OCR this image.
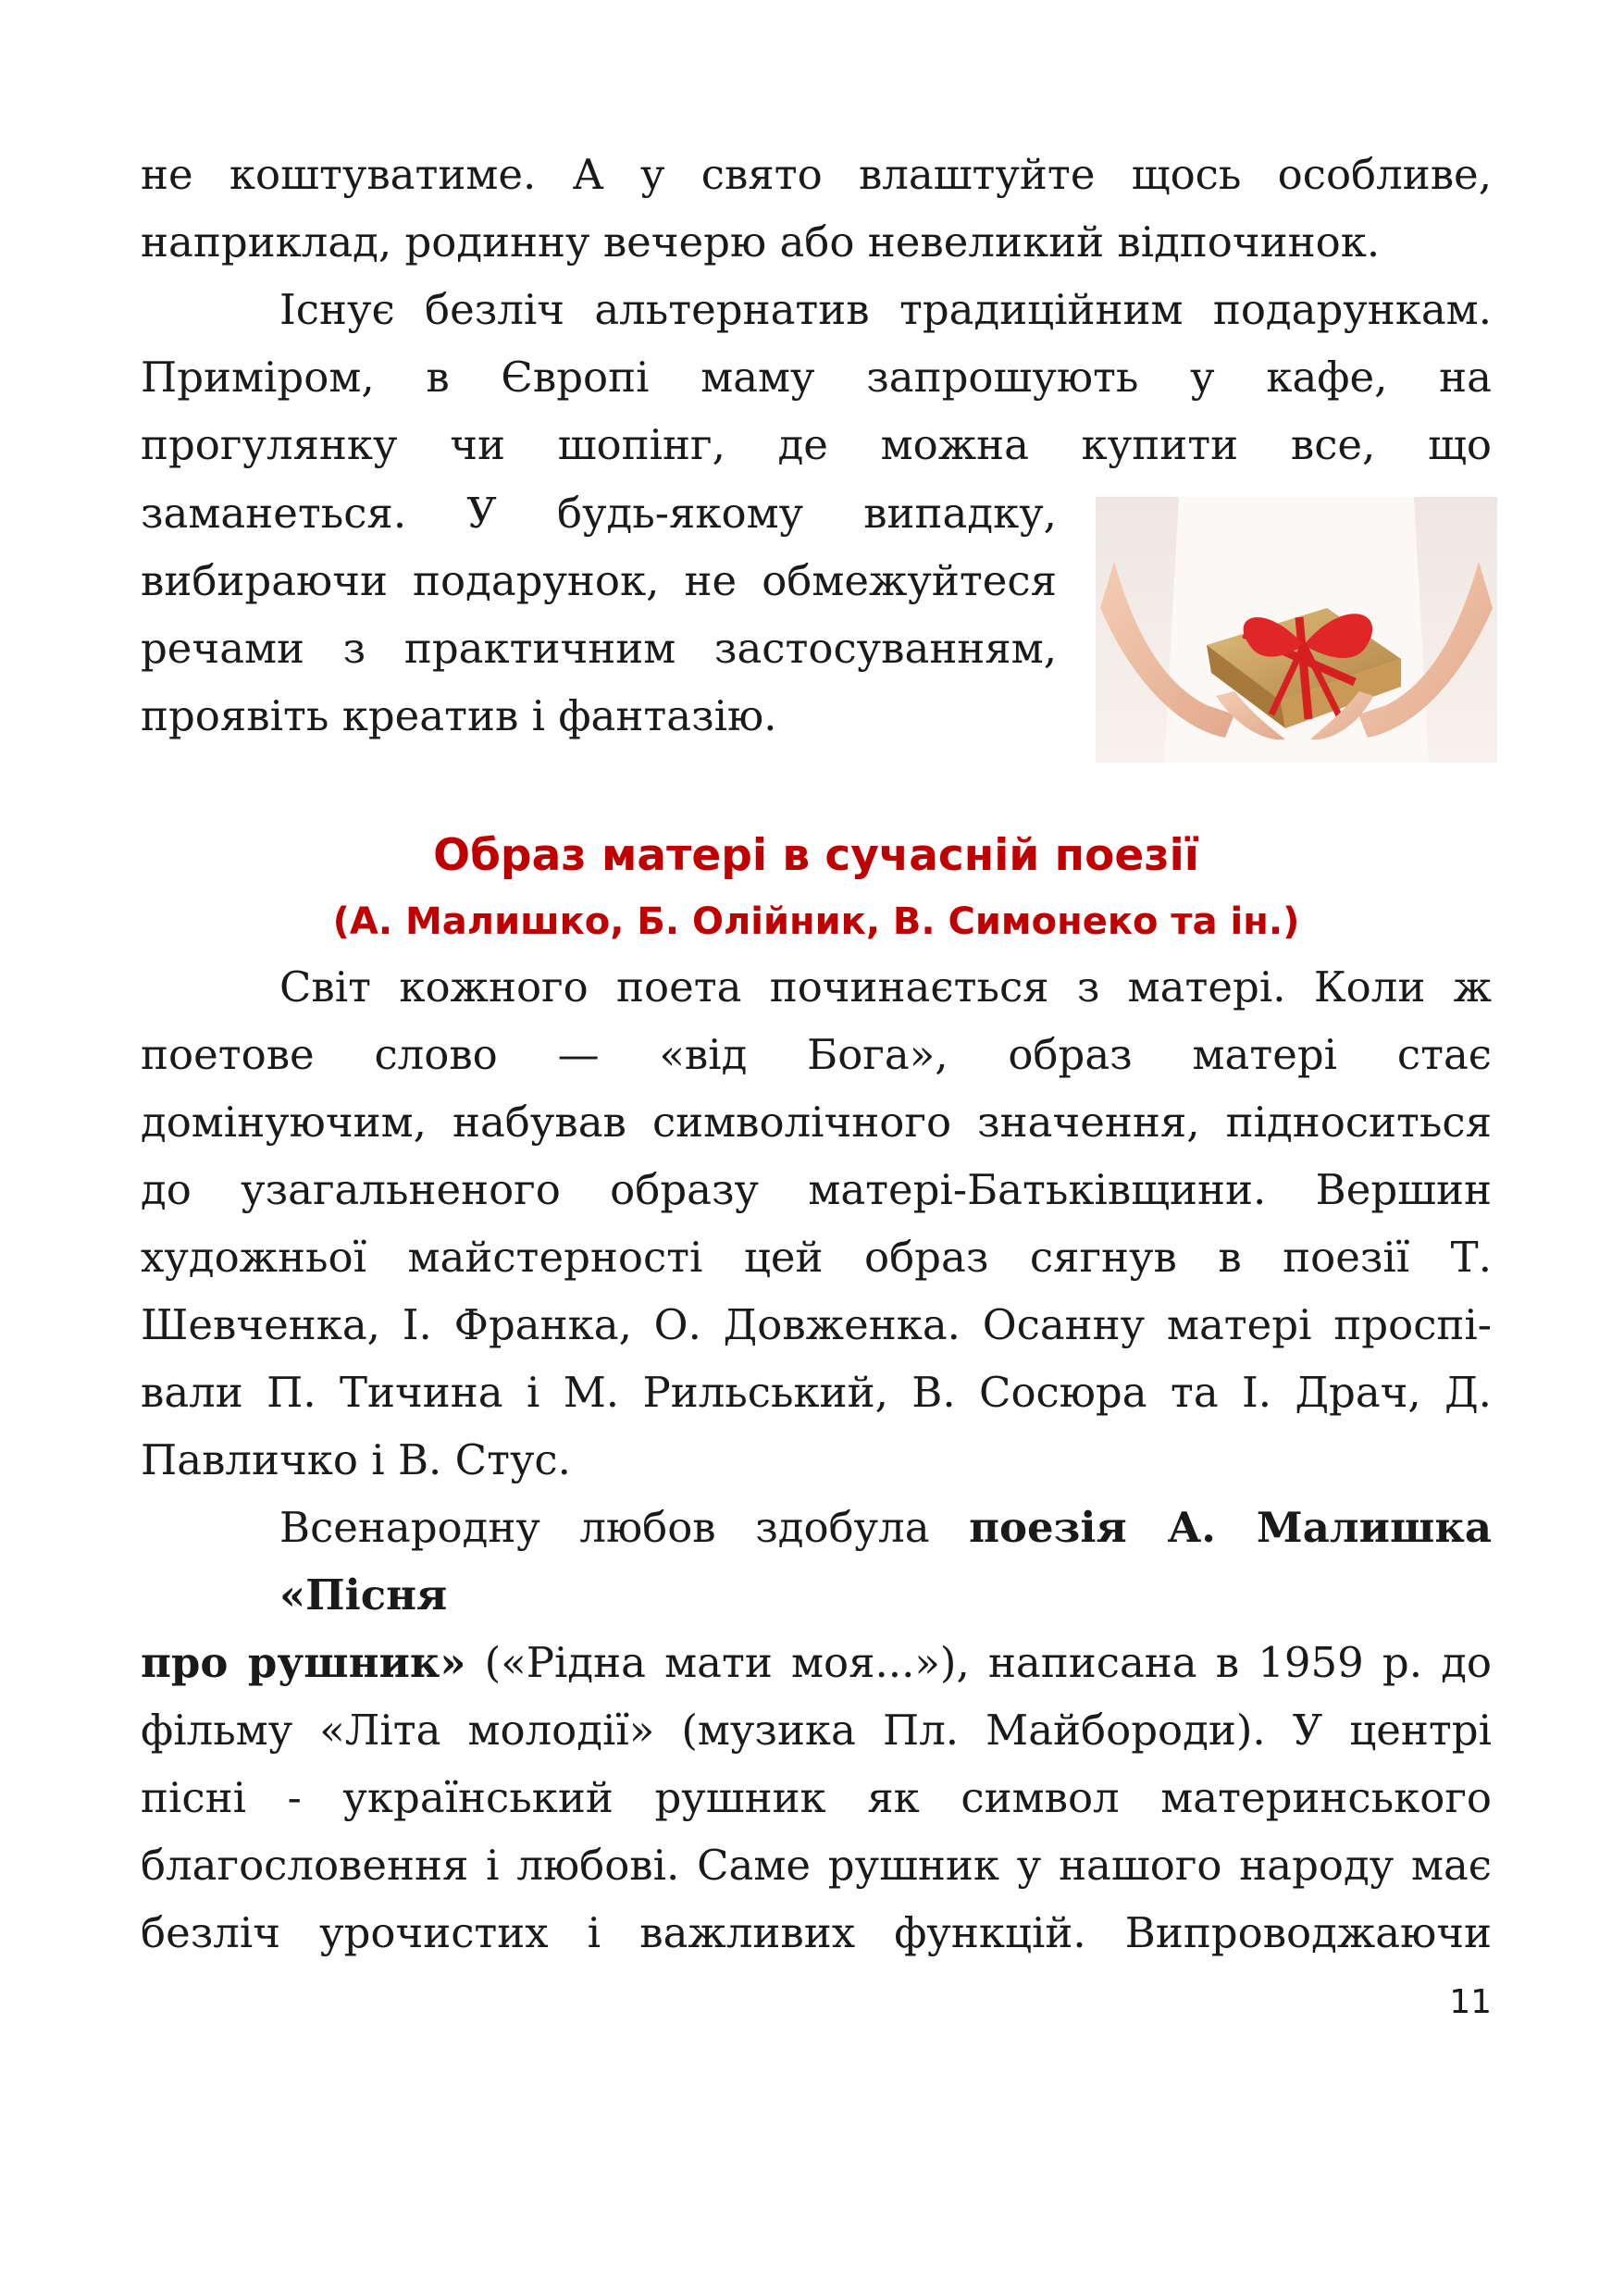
не коштуватиме. А у свято влаштуйте щось особливе,
наприклад, родинну вечерю або невеликий відпочинок.
Існує безліч альтернатив традиційним подарункам.
Приміром, в Європі маму запрошують у кафе, на
прогулянку чи шопінг, де можна купити все, що
заманеться. У будь-якому випадку,
вибираючи подарунок, не обмежуйтеся
речами з практичним застосуванням,
проявіть креатив і фантазію.
Образ матері в сучасній поезії
(А. Малишко, Б. Олійник, В. Симонеко та ін.)
Світ кожного поета починається з матері. Коли ж
поетове слово — «від Бога», образ матері стає
домінуючим, набував символічного значення, підноситься
до узагальненого образу матері-Батьківщини. Вершин
художньої майстерності цей образ сягнув в поезії Т.
Шевченка, І. Франка, О. Довженка. Осанну матері проспі-
вали П. Тичина і М. Рильський, В. Сосюра та І. Драч, Д.
Павличко і В. Стус.
Всенародну любов здобула поезія А. Малишка «Пісня
про рушник» («Рідна мати моя...»), написана в 1959 р. до
фільму «Літа молодії» (музика Пл. Майбороди). У центрі
пісні - український рушник як символ материнського
благословення і любові. Саме рушник у нашого народу має
безліч урочистих і важливих функцій. Випроводжаючи
11
